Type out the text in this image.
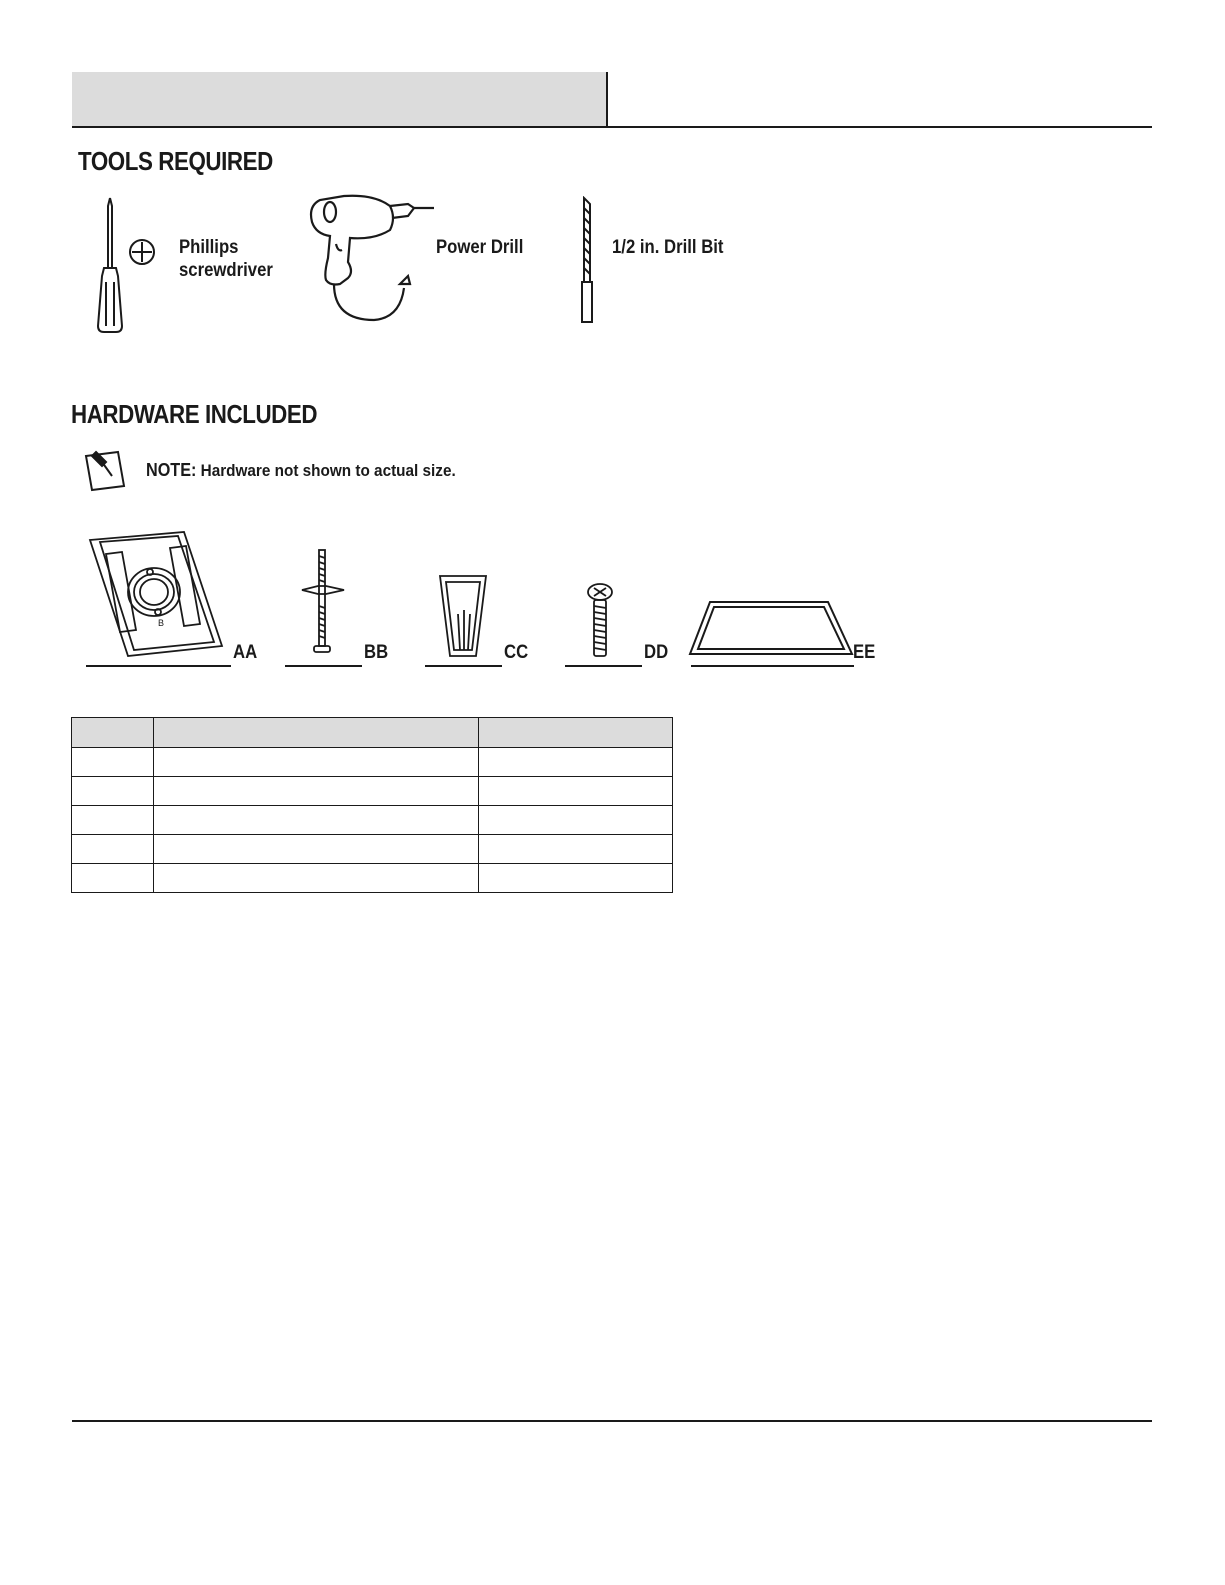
TOOLS REQUIRED
Phillips
screwdriver
Power Drill	1/2 in. Drill Bit
HARDWARE INCLUDED
NOTE: Hardware not shown to actual size.
B
AA	BB	CC	DD	EE
